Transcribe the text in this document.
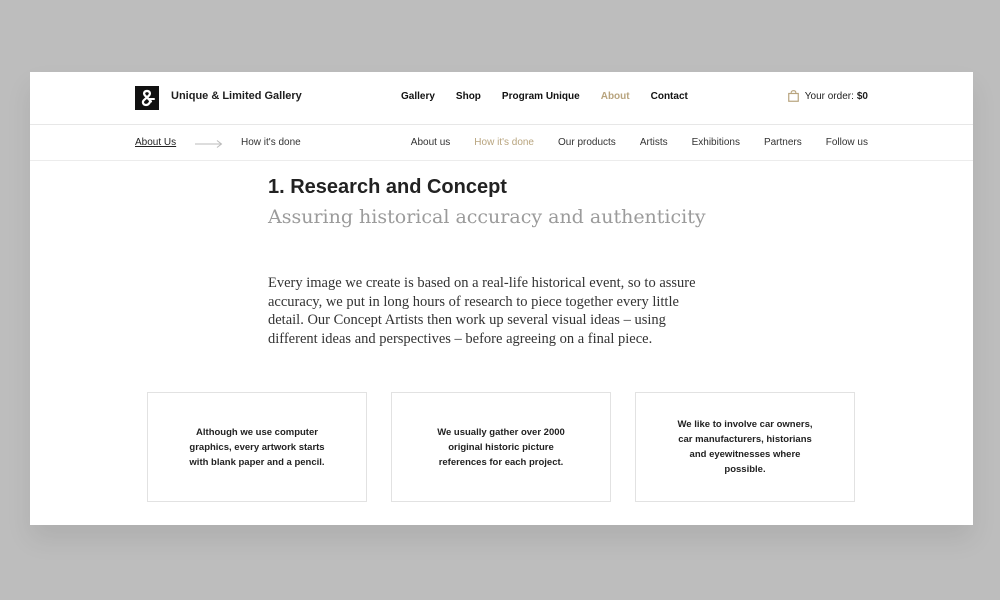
Unique & Limited Gallery	Gallery Shop Program Unique About Contact	Your order: $0
About Us	How it's done	About us How it's done Our products Artists Exhibitions Partners Follow us
1. Research and Concept
Assuring historical accuracy and authenticity

Every image we create is based on a real-life historical event, so to assure accuracy, we put in long hours of research to piece together every little detail. Our Concept Artists then work up several visual ideas – using different ideas and perspectives – before agreeing on a final piece.

Although we use computer graphics, every artwork starts with blank paper and a pencil.
We usually gather over 2000 original historic picture references for each project.
We like to involve car owners, car manufacturers, historians and eyewitnesses where possible.
